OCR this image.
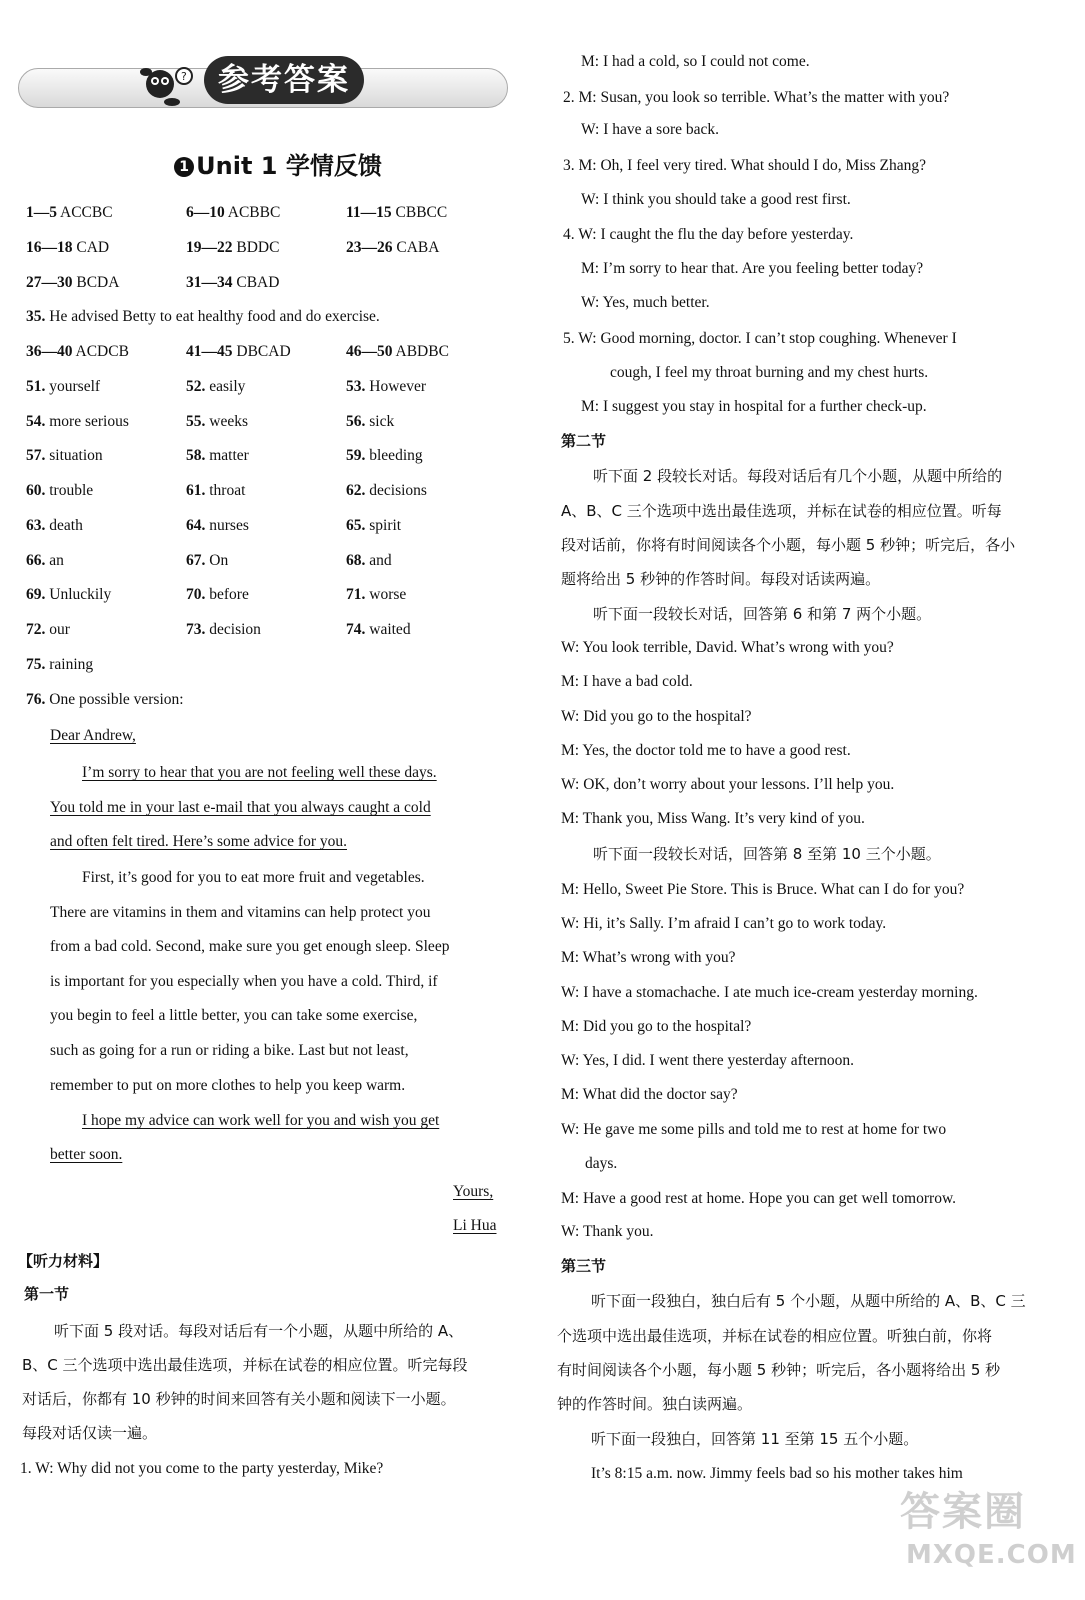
?	参考答案
1 Unit 1 学情反馈
1—5 ACCBC	6—10 ACBBC	11—15 CBBCC
16—18 CAD	19—22 BDDC	23—26 CABA
27—30 BCDA	31—34 CBAD
35. He advised Betty to eat healthy food and do exercise.
36—40 ACDCB	41—45 DBCAD	46—50 ABDBC
51. yourself	52. easily	53. However
54. more serious	55. weeks	56. sick
57. situation	58. matter	59. bleeding
60. trouble	61. throat	62. decisions
63. death	64. nurses	65. spirit
66. an	67. On	68. and
69. Unluckily	70. before	71. worse
72. our	73. decision	74. waited
75. raining
76. One possible version:
Dear Andrew,
I’m sorry to hear that you are not feeling well these days.
You told me in your last e-mail that you always caught a cold
and often felt tired. Here’s some advice for you.
First, it’s good for you to eat more fruit and vegetables.
There are vitamins in them and vitamins can help protect you
from a bad cold. Second, make sure you get enough sleep. Sleep
is important for you especially when you have a cold. Third, if
you begin to feel a little better, you can take some exercise,
such as going for a run or riding a bike. Last but not least,
remember to put on more clothes to help you keep warm.
I hope my advice can work well for you and wish you get
better soon.
Yours,
Li Hua
【听力材料】
第一节
听下面 5 段对话。每段对话后有一个小题，从题中所给的 A、
B、C 三个选项中选出最佳选项，并标在试卷的相应位置。听完每段
对话后，你都有 10 秒钟的时间来回答有关小题和阅读下一小题。
每段对话仅读一遍。
1. W: Why did not you come to the party yesterday, Mike?
M: I had a cold, so I could not come.
2. M: Susan, you look so terrible. What’s the matter with you?
W: I have a sore back.
3. M: Oh, I feel very tired. What should I do, Miss Zhang?
W: I think you should take a good rest first.
4. W: I caught the flu the day before yesterday.
M: I’m sorry to hear that. Are you feeling better today?
W: Yes, much better.
5. W: Good morning, doctor. I can’t stop coughing. Whenever I
cough, I feel my throat burning and my chest hurts.
M: I suggest you stay in hospital for a further check-up.
第二节
听下面 2 段较长对话。每段对话后有几个小题，从题中所给的
A、B、C 三个选项中选出最佳选项，并标在试卷的相应位置。听每
段对话前，你将有时间阅读各个小题，每小题 5 秒钟；听完后，各小
题将给出 5 秒钟的作答时间。每段对话读两遍。
听下面一段较长对话，回答第 6 和第 7 两个小题。
W: You look terrible, David. What’s wrong with you?
M: I have a bad cold.
W: Did you go to the hospital?
M: Yes, the doctor told me to have a good rest.
W: OK, don’t worry about your lessons. I’ll help you.
M: Thank you, Miss Wang. It’s very kind of you.
听下面一段较长对话，回答第 8 至第 10 三个小题。
M: Hello, Sweet Pie Store. This is Bruce. What can I do for you?
W: Hi, it’s Sally. I’m afraid I can’t go to work today.
M: What’s wrong with you?
W: I have a stomachache. I ate much ice-cream yesterday morning.
M: Did you go to the hospital?
W: Yes, I did. I went there yesterday afternoon.
M: What did the doctor say?
W: He gave me some pills and told me to rest at home for two
days.
M: Have a good rest at home. Hope you can get well tomorrow.
W: Thank you.
第三节
听下面一段独白，独白后有 5 个小题，从题中所给的 A、B、C 三
个选项中选出最佳选项，并标在试卷的相应位置。听独白前，你将
有时间阅读各个小题，每小题 5 秒钟；听完后，各小题将给出 5 秒
钟的作答时间。独白读两遍。
听下面一段独白，回答第 11 至第 15 五个小题。
It’s 8:15 a.m. now. Jimmy feels bad so his mother takes him
答案圈
MXQE.COM
